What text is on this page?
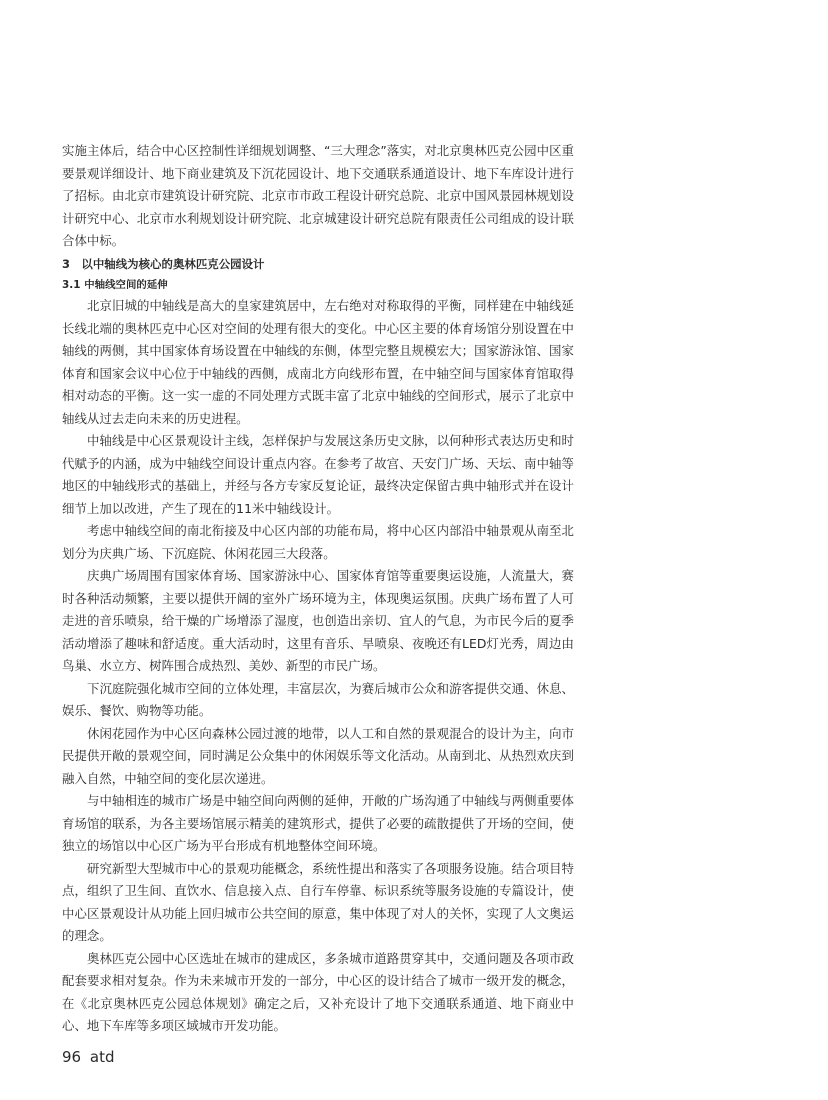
实施主体后，结合中心区控制性详细规划调整、“三大理念”落实，对北京奥林匹克公园中区重要景观详细设计、地下商业建筑及下沉花园设计、地下交通联系通道设计、地下车库设计进行了招标。由北京市建筑设计研究院、北京市市政工程设计研究总院、北京中国风景园林规划设计研究中心、北京市水利规划设计研究院、北京城建设计研究总院有限责任公司组成的设计联合体中标。

3　以中轴线为核心的奥林匹克公园设计

3.1 中轴线空间的延伸

北京旧城的中轴线是高大的皇家建筑居中，左右绝对对称取得的平衡，同样建在中轴线延长线北端的奥林匹克中心区对空间的处理有很大的变化。中心区主要的体育场馆分别设置在中轴线的两侧，其中国家体育场设置在中轴线的东侧，体型完整且规模宏大；国家游泳馆、国家体育和国家会议中心位于中轴线的西侧，成南北方向线形布置，在中轴空间与国家体育馆取得相对动态的平衡。这一实一虚的不同处理方式既丰富了北京中轴线的空间形式，展示了北京中轴线从过去走向未来的历史进程。

中轴线是中心区景观设计主线，怎样保护与发展这条历史文脉，以何种形式表达历史和时代赋予的内涵，成为中轴线空间设计重点内容。在参考了故宫、天安门广场、天坛、南中轴等地区的中轴线形式的基础上，并经与各方专家反复论证，最终决定保留古典中轴形式并在设计细节上加以改进，产生了现在的11米中轴线设计。

考虑中轴线空间的南北衔接及中心区内部的功能布局，将中心区内部沿中轴景观从南至北划分为庆典广场、下沉庭院、休闲花园三大段落。

庆典广场周围有国家体育场、国家游泳中心、国家体育馆等重要奥运设施，人流量大，赛时各种活动频繁，主要以提供开阔的室外广场环境为主，体现奥运氛围。庆典广场布置了人可走进的音乐喷泉，给干燥的广场增添了湿度，也创造出亲切、宜人的气息，为市民今后的夏季活动增添了趣味和舒适度。重大活动时，这里有音乐、旱喷泉、夜晚还有LED灯光秀，周边由鸟巢、水立方、树阵围合成热烈、美妙、新型的市民广场。

下沉庭院强化城市空间的立体处理，丰富层次，为赛后城市公众和游客提供交通、休息、娱乐、餐饮、购物等功能。

休闲花园作为中心区向森林公园过渡的地带，以人工和自然的景观混合的设计为主，向市民提供开敞的景观空间，同时满足公众集中的休闲娱乐等文化活动。从南到北、从热烈欢庆到融入自然，中轴空间的变化层次递进。

与中轴相连的城市广场是中轴空间向两侧的延伸，开敞的广场沟通了中轴线与两侧重要体育场馆的联系，为各主要场馆展示精美的建筑形式，提供了必要的疏散提供了开场的空间，使独立的场馆以中心区广场为平台形成有机地整体空间环境。

研究新型大型城市中心的景观功能概念，系统性提出和落实了各项服务设施。结合项目特点，组织了卫生间、直饮水、信息接入点、自行车停靠、标识系统等服务设施的专篇设计，使中心区景观设计从功能上回归城市公共空间的原意，集中体现了对人的关怀，实现了人文奥运的理念。

奥林匹克公园中心区选址在城市的建成区，多条城市道路贯穿其中，交通问题及各项市政配套要求相对复杂。作为未来城市开发的一部分，中心区的设计结合了城市一级开发的概念，在《北京奥林匹克公园总体规划》确定之后，又补充设计了地下交通联系通道、地下商业中心、地下车库等多项区域城市开发功能。

96 atd
